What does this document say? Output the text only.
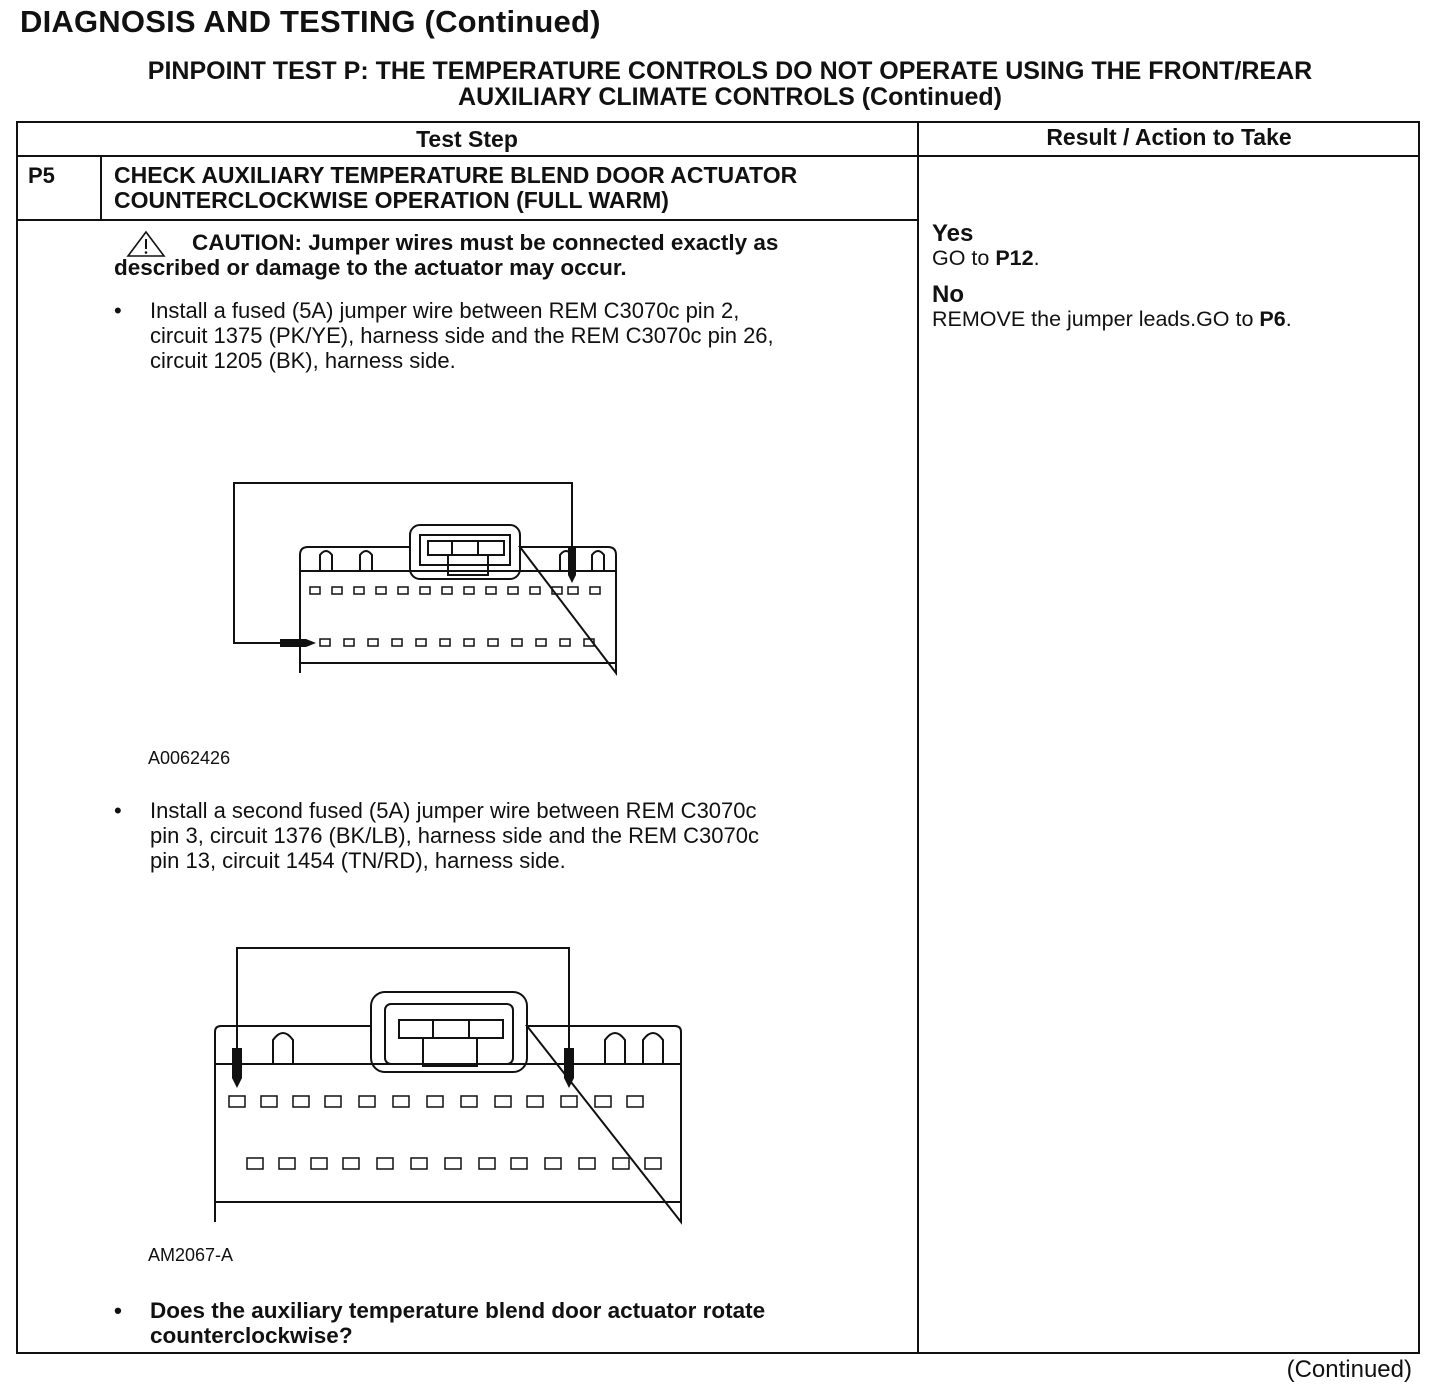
DIAGNOSIS AND TESTING (Continued)
PINPOINT TEST P: THE TEMPERATURE CONTROLS DO NOT OPERATE USING THE FRONT/REAR
AUXILIARY CLIMATE CONTROLS (Continued)
Test Step	Result / Action to Take
P5	CHECK AUXILIARY TEMPERATURE BLEND DOOR ACTUATOR
COUNTERCLOCKWISE OPERATION (FULL WARM)
CAUTION: Jumper wires must be connected exactly as
described or damage to the actuator may occur.
• Install a fused (5A) jumper wire between REM C3070c pin 2,
circuit 1375 (PK/YE), harness side and the REM C3070c pin 26,
circuit 1205 (BK), harness side.
A0062426
• Install a second fused (5A) jumper wire between REM C3070c
pin 3, circuit 1376 (BK/LB), harness side and the REM C3070c
pin 13, circuit 1454 (TN/RD), harness side.
AM2067-A
• Does the auxiliary temperature blend door actuator rotate
counterclockwise?
Yes
GO to P12.
No
REMOVE the jumper leads.GO to P6.
(Continued)
